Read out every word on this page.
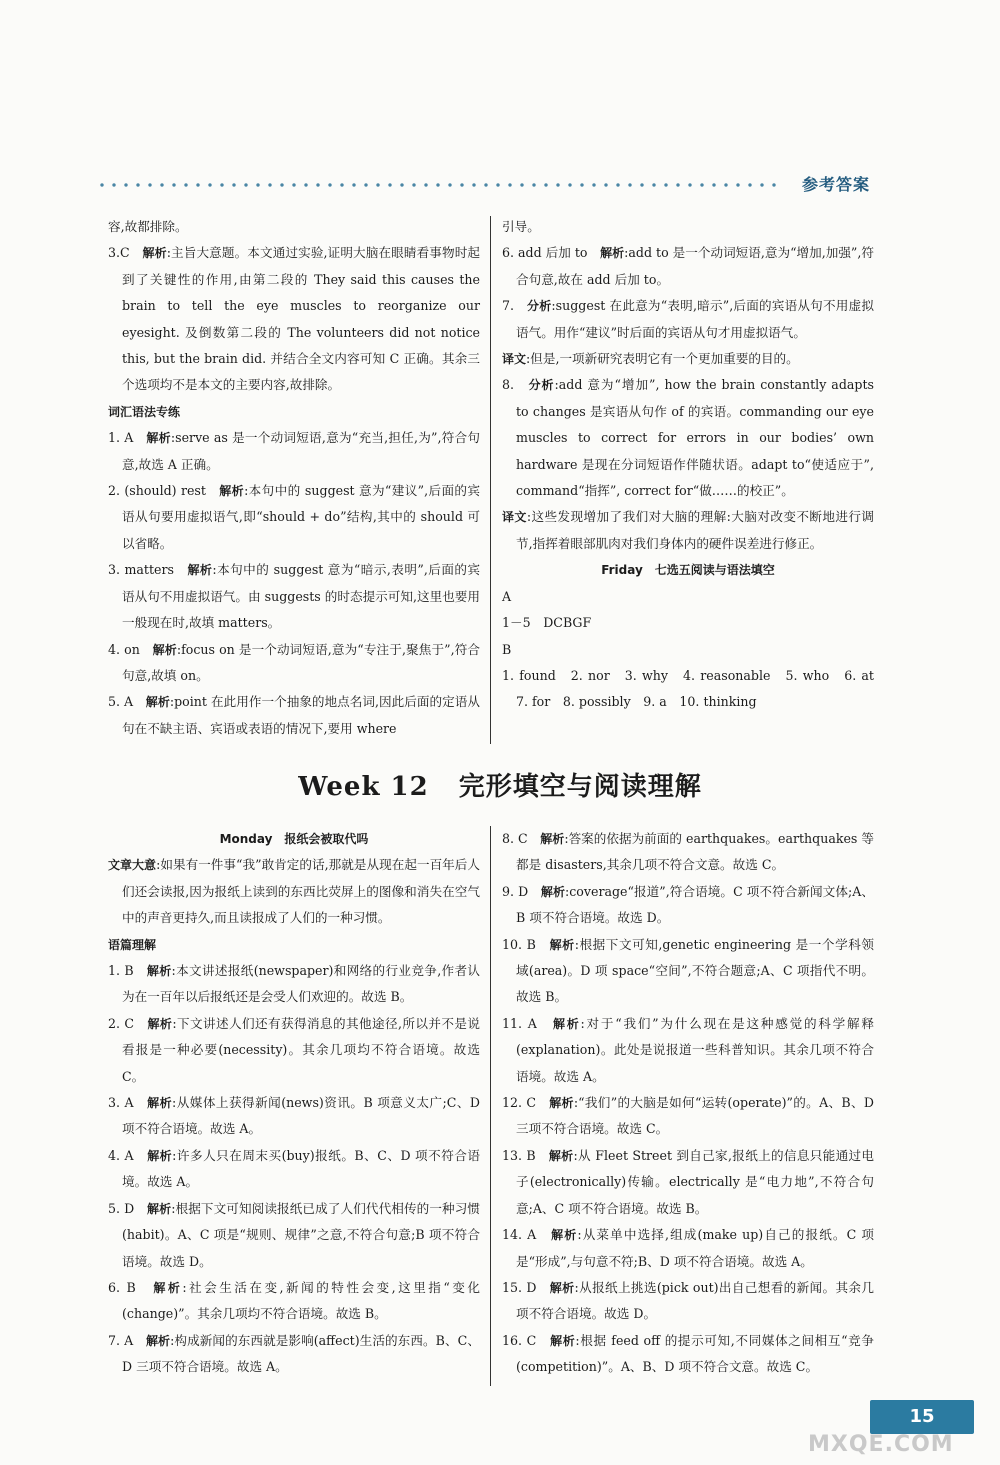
参考答案

容,故都排除。

3.C　解析:主旨大意题。本文通过实验,证明大脑在眼睛看事物时起到了关键性的作用,由第二段的 They said this causes the brain to tell the eye muscles to reorganize our eyesight. 及倒数第二段的 The volunteers did not notice this, but the brain did. 并结合全文内容可知 C 正确。其余三个选项均不是本文的主要内容,故排除。

词汇语法专练

1. A　解析:serve as 是一个动词短语,意为“充当,担任,为”,符合句意,故选 A 正确。

2. (should) rest　解析:本句中的 suggest 意为“建议”,后面的宾语从句要用虚拟语气,即“should + do”结构,其中的 should 可以省略。

3. matters　解析:本句中的 suggest 意为“暗示,表明”,后面的宾语从句不用虚拟语气。由 suggests 的时态提示可知,这里也要用一般现在时,故填 matters。

4. on　解析:focus on 是一个动词短语,意为“专注于,聚焦于”,符合句意,故填 on。

5. A　解析:point 在此用作一个抽象的地点名词,因此后面的定语从句在不缺主语、宾语或表语的情况下,要用 where

引导。

6. add 后加 to　解析:add to 是一个动词短语,意为“增加,加强”,符合句意,故在 add 后加 to。

7.　分析:suggest 在此意为“表明,暗示”,后面的宾语从句不用虚拟语气。用作“建议”时后面的宾语从句才用虚拟语气。

译文:但是,一项新研究表明它有一个更加重要的目的。

8.　分析:add 意为“增加”, how the brain constantly adapts to changes 是宾语从句作 of 的宾语。commanding our eye muscles to correct for errors in our bodies’ own hardware 是现在分词短语作伴随状语。adapt to“使适应于”, command“指挥”, correct for“做……的校正”。

译文:这些发现增加了我们对大脑的理解:大脑对改变不断地进行调节,指挥着眼部肌肉对我们身体内的硬件误差进行修正。

Friday　七选五阅读与语法填空

A

1－5　DCBGF

B

1. found　2. nor　3. why　4. reasonable　5. who　6. at　7. for　8. possibly　9. a　10. thinking

Week 12 完形填空与阅读理解

Monday　报纸会被取代吗

文章大意:如果有一件事“我”敢肯定的话,那就是从现在起一百年后人们还会读报,因为报纸上读到的东西比荧屏上的图像和消失在空气中的声音更持久,而且读报成了人们的一种习惯。

语篇理解

1. B　解析:本文讲述报纸(newspaper)和网络的行业竞争,作者认为在一百年以后报纸还是会受人们欢迎的。故选 B。

2. C　解析:下文讲述人们还有获得消息的其他途径,所以并不是说看报是一种必要(necessity)。其余几项均不符合语境。故选 C。

3. A　解析:从媒体上获得新闻(news)资讯。B 项意义太广;C、D 项不符合语境。故选 A。

4. A　解析:许多人只在周末买(buy)报纸。B、C、D 项不符合语境。故选 A。

5. D　解析:根据下文可知阅读报纸已成了人们代代相传的一种习惯(habit)。A、C 项是“规则、规律”之意,不符合句意;B 项不符合语境。故选 D。

6. B　解析:社会生活在变,新闻的特性会变,这里指“变化(change)”。其余几项均不符合语境。故选 B。

7. A　解析:构成新闻的东西就是影响(affect)生活的东西。B、C、D 三项不符合语境。故选 A。

8. C　解析:答案的依据为前面的 earthquakes。earthquakes 等都是 disasters,其余几项不符合文意。故选 C。

9. D　解析:coverage“报道”,符合语境。C 项不符合新闻文体;A、B 项不符合语境。故选 D。

10. B　解析:根据下文可知,genetic engineering 是一个学科领域(area)。D 项 space“空间”,不符合题意;A、C 项指代不明。故选 B。

11. A　解析:对于“我们”为什么现在是这种感觉的科学解释(explanation)。此处是说报道一些科普知识。其余几项不符合语境。故选 A。

12. C　解析:“我们”的大脑是如何“运转(operate)”的。A、B、D 三项不符合语境。故选 C。

13. B　解析:从 Fleet Street 到自己家,报纸上的信息只能通过电子(electronically)传输。electrically 是“电力地”,不符合句意;A、C 项不符合语境。故选 B。

14. A　解析:从菜单中选择,组成(make up)自己的报纸。C 项是“形成”,与句意不符;B、D 项不符合语境。故选 A。

15. D　解析:从报纸上挑选(pick out)出自己想看的新闻。其余几项不符合语境。故选 D。

16. C　解析:根据 feed off 的提示可知,不同媒体之间相互“竞争(competition)”。A、B、D 项不符合文意。故选 C。

15
MXQE.COM
